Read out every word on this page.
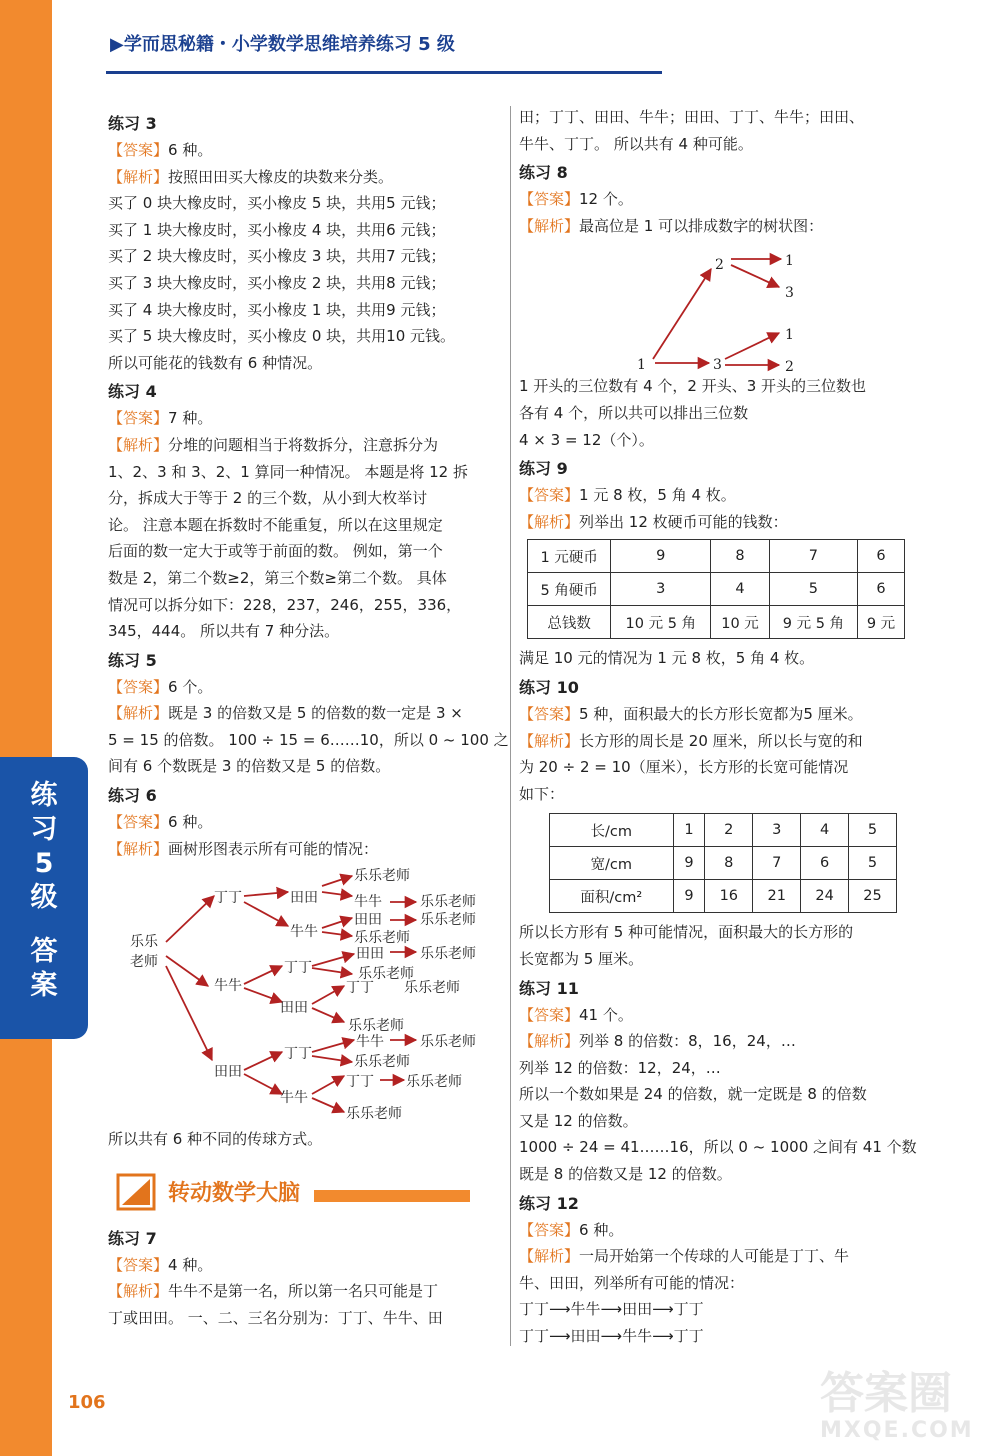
练
习
5
级
答
案
▶学而思秘籍・小学数学思维培养练习 5 级
练习 3
【答案】6 种。
【解析】按照田田买大橡皮的块数来分类。
买了 0 块大橡皮时，买小橡皮 5 块，共用5 元钱；
买了 1 块大橡皮时，买小橡皮 4 块，共用6 元钱；
买了 2 块大橡皮时，买小橡皮 3 块，共用7 元钱；
买了 3 块大橡皮时，买小橡皮 2 块，共用8 元钱；
买了 4 块大橡皮时，买小橡皮 1 块，共用9 元钱；
买了 5 块大橡皮时，买小橡皮 0 块，共用10 元钱。
所以可能花的钱数有 6 种情况。
练习 4
【答案】7 种。
【解析】分堆的问题相当于将数拆分，注意拆分为
1、2、3 和 3、2、1 算同一种情况。 本题是将 12 拆
分，拆成大于等于 2 的三个数，从小到大枚举讨
论。 注意本题在拆数时不能重复，所以在这里规定
后面的数一定大于或等于前面的数。 例如，第一个
数是 2，第二个数≥2，第三个数≥第二个数。 具体
情况可以拆分如下：228，237，246，255，336，
345，444。 所以共有 7 种分法。
练习 5
【答案】6 个。
【解析】既是 3 的倍数又是 5 的倍数的数一定是 3 ×
5 = 15 的倍数。 100 ÷ 15 = 6……10，所以 0 ~ 100 之
间有 6 个数既是 3 的倍数又是 5 的倍数。
练习 6
【答案】6 种。
【解析】画树形图表示所有可能的情况：
乐乐
老师
丁丁
牛牛
田田
田田
牛牛
乐乐老师
牛牛	乐乐老师
田田	乐乐老师
乐乐老师
丁丁
田田	乐乐老师
乐乐老师
田田
丁丁 乐乐老师
乐乐老师
丁丁
牛牛	乐乐老师
乐乐老师
牛牛
丁丁 乐乐老师
乐乐老师
所以共有 6 种不同的传球方式。
转动数学大脑
练习 7
【答案】4 种。
【解析】牛牛不是第一名，所以第一名只可能是丁
丁或田田。 一、二、三名分别为：丁丁、牛牛、田
田；丁丁、田田、牛牛；田田、丁丁、牛牛；田田、
牛牛、丁丁。 所以共有 4 种可能。
练习 8
【答案】12 个。
【解析】最高位是 1 可以排成数字的树状图：
1
2
3
1
3
1
2
1 开头的三位数有 4 个，2 开头、3 开头的三位数也
各有 4 个，所以共可以排出三位数
4 × 3 = 12（个）。
练习 9
【答案】1 元 8 枚，5 角 4 枚。
【解析】列举出 12 枚硬币可能的钱数：
1 元硬币	9	8	7	6
5 角硬币	3	4	5	6
总钱数	10 元 5 角	10 元	9 元 5 角	9 元
满足 10 元的情况为 1 元 8 枚，5 角 4 枚。
练习 10
【答案】5 种，面积最大的长方形长宽都为5 厘米。
【解析】长方形的周长是 20 厘米，所以长与宽的和
为 20 ÷ 2 = 10（厘米），长方形的长宽可能情况
如下：
长/cm	1	2	3	4	5
宽/cm	9	8	7	6	5
面积/cm²	9	16	21	24	25
所以长方形有 5 种可能情况，面积最大的长方形的
长宽都为 5 厘米。
练习 11
【答案】41 个。
【解析】列举 8 的倍数：8，16，24，…
列举 12 的倍数：12，24，…
所以一个数如果是 24 的倍数，就一定既是 8 的倍数
又是 12 的倍数。
1000 ÷ 24 = 41……16，所以 0 ~ 1000 之间有 41 个数
既是 8 的倍数又是 12 的倍数。
练习 12
【答案】6 种。
【解析】一局开始第一个传球的人可能是丁丁、牛
牛、田田，列举所有可能的情况：
丁丁⟶牛牛⟶田田⟶丁丁
丁丁⟶田田⟶牛牛⟶丁丁
106	答案圈
MXQE.COM
